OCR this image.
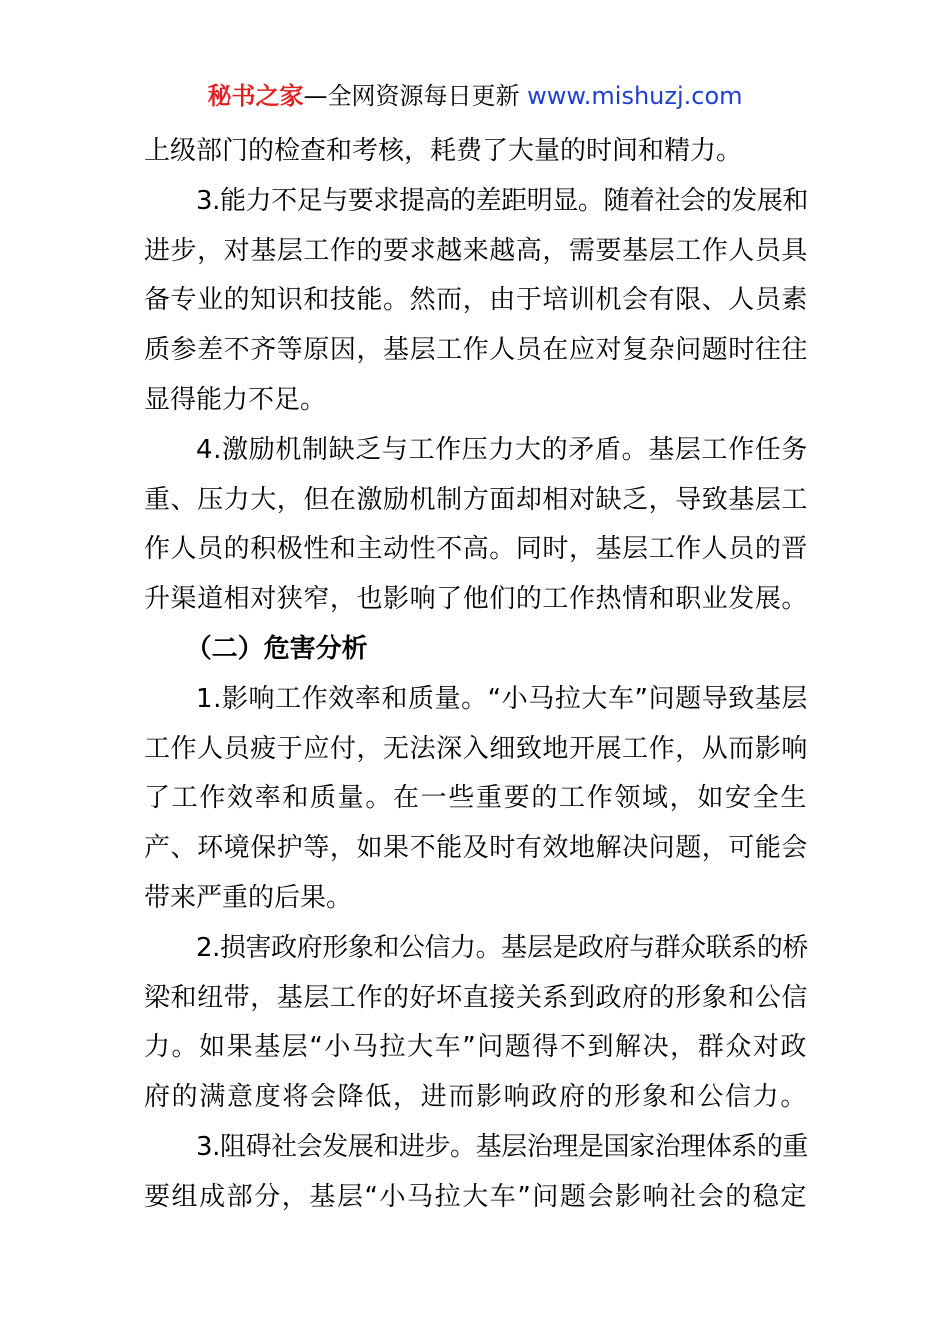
秘书之家—全网资源每日更新 www.mishuzj.com
上级部门的检查和考核，耗费了大量的时间和精力。
3.能力不足与要求提高的差距明显。随着社会的发展和
进步，对基层工作的要求越来越高，需要基层工作人员具
备专业的知识和技能。然而，由于培训机会有限、人员素
质参差不齐等原因，基层工作人员在应对复杂问题时往往
显得能力不足。
4.激励机制缺乏与工作压力大的矛盾。基层工作任务
重、压力大，但在激励机制方面却相对缺乏，导致基层工
作人员的积极性和主动性不高。同时，基层工作人员的晋
升渠道相对狭窄，也影响了他们的工作热情和职业发展。
（二）危害分析
1.影响工作效率和质量。“小马拉大车”问题导致基层
工作人员疲于应付，无法深入细致地开展工作，从而影响
了工作效率和质量。在一些重要的工作领域，如安全生
产、环境保护等，如果不能及时有效地解决问题，可能会
带来严重的后果。
2.损害政府形象和公信力。基层是政府与群众联系的桥
梁和纽带，基层工作的好坏直接关系到政府的形象和公信
力。如果基层“小马拉大车”问题得不到解决，群众对政
府的满意度将会降低，进而影响政府的形象和公信力。
3.阻碍社会发展和进步。基层治理是国家治理体系的重
要组成部分，基层“小马拉大车”问题会影响社会的稳定
